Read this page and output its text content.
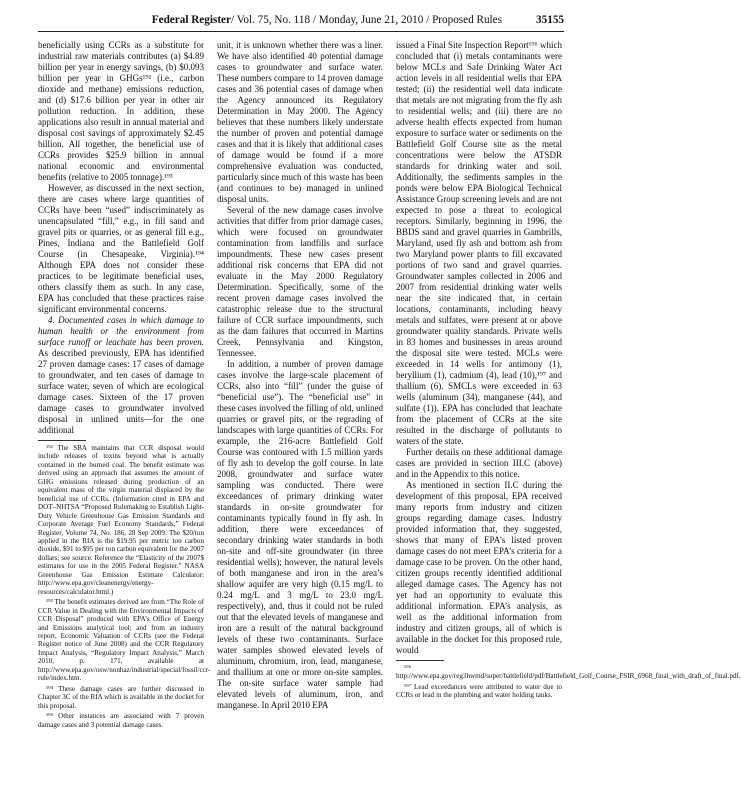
Federal Register/ Vol. 75, No. 118 / Monday, June 21, 2010 / Proposed Rules	35155

beneficially using CCRs as a substitute for industrial raw materials contributes (a) $4.89 billion per year in energy savings, (b) $0.093 billion per year in GHGs¹⁹² (i.e., carbon dioxide and methane) emissions reduction, and (d) $17.6 billion per year in other air pollution reduction. In addition, these applications also result in annual material and disposal cost savings of approximately $2.45 billion. All together, the beneficial use of CCRs provides $25.9 billion in annual national economic and environmental benefits (relative to 2005 tonnage).¹⁹³

However, as discussed in the next section, there are cases where large quantities of CCRs have been “used” indiscriminately as unencapsulated “fill,” e.g., in fill sand and gravel pits or quarries, or as general fill e.g., Pines, Indiana and the Battlefield Golf Course (in Chesapeake, Virginia).¹⁹⁴ Although EPA does not consider these practices to be legitimate beneficial uses, others classify them as such. In any case, EPA has concluded that these practices raise significant environmental concerns.

4. Documented cases in which damage to human health or the environment from surface runoff or leachate has been proven. As described previously, EPA has identified 27 proven damage cases: 17 cases of damage to groundwater, and ten cases of damage to surface water, seven of which are ecological damage cases. Sixteen of the 17 proven damage cases to groundwater involved disposal in unlined units—for the one additional

¹⁹² The SBA maintains that CCR disposal would include releases of toxins beyond what is actually contained in the burned coal. The benefit estimate was derived using an approach that assumes the amount of GHG emissions released during production of an equivalent mass of the virgin material displaced by the beneficial use of CCRs. (Information cited in EPA and DOT–NHTSA “Proposed Rulemaking to Establish Light-Duty Vehicle Greenhouse Gas Emission Standards and Corporate Average Fuel Economy Standards,” Federal Register, Volume 74, No. 186, 28 Sep 2009. The $20/ton applied in the RIA is the $19.95 per metric ton carbon dioxide, $91 to $95 per ton carbon equivalent for the 2007 dollars; see source. Reference the “Elasticity of the 2007$ estimates for use in the 2005 Federal Register.” NASA Greenhouse Gas Emission Estimate Calculator: http://www.epa.gov/cleanenergy/energy-resources/calculator.html.)

¹⁹³ The benefit estimates derived are from “The Role of CCR Value in Dealing with the Environmental Impacts of CCR Disposal” produced with EPA’s Office of Energy and Emissions analytical tool; and from an industry report, Economic Valuation of CCRs (see the Federal Register notice of June 2008) and the CCR Regulatory Impact Analysis, “Regulatory Impact Analysis,” March 2010, p. 171, available at http://www.epa.gov/osw/nonhaz/industrial/special/fossil/ccr-rule/index.htm.

¹⁹⁴ These damage cases are further discussed in Chapter 3C of the RIA which is available in the docket for this proposal.

¹⁹⁵ Other instances are associated with 7 proven damage cases and 3 potential damage cases.

unit, it is unknown whether there was a liner. We have also identified 40 potential damage cases to groundwater and surface water. These numbers compare to 14 proven damage cases and 36 potential cases of damage when the Agency announced its Regulatory Determination in May 2000. The Agency believes that these numbers likely understate the number of proven and potential damage cases and that it is likely that additional cases of damage would be found if a more comprehensive evaluation was conducted, particularly since much of this waste has been (and continues to be) managed in unlined disposal units.

Several of the new damage cases involve activities that differ from prior damage cases, which were focused on groundwater contamination from landfills and surface impoundments. These new cases present additional risk concerns that EPA did not evaluate in the May 2000 Regulatory Determination. Specifically, some of the recent proven damage cases involved the catastrophic release due to the structural failure of CCR surface impoundments, such as the dam failures that occurred in Martins Creek, Pennsylvania and Kingston, Tennessee.

In addition, a number of proven damage cases involve the large-scale placement of CCRs, also into “fill” (under the guise of “beneficial use”). The “beneficial use” in these cases involved the filling of old, unlined quarries or gravel pits, or the regrading of landscapes with large quantities of CCRs. For example, the 216-acre Battlefield Golf Course was contoured with 1.5 million yards of fly ash to develop the golf course. In late 2008, groundwater and surface water sampling was conducted. There were exceedances of primary drinking water standards in on-site groundwater for contaminants typically found in fly ash. In addition, there were exceedances of secondary drinking water standards in both on-site and off-site groundwater (in three residential wells); however, the natural levels of both manganese and iron in the area’s shallow aquifer are very high (0.15 mg/L to 0.24 mg/L and 3 mg/L to 23.0 mg/L respectively), and, thus it could not be ruled out that the elevated levels of manganese and iron are a result of the natural background levels of these two contaminants. Surface water samples showed elevated levels of aluminum, chromium, iron, lead, manganese, and thallium at one or more on-site samples. The on-site surface water sample had elevated levels of aluminum, iron, and manganese. In April 2010 EPA

issued a Final Site Inspection Report¹⁹⁶ which concluded that (i) metals contaminants were below MCLs and Safe Drinking Water Act action levels in all residential wells that EPA tested; (ii) the residential well data indicate that metals are not migrating from the fly ash to residential wells; and (iii) there are no adverse health effects expected from human exposure to surface water or sediments on the Battlefield Golf Course site as the metal concentrations were below the ATSDR standards for drinking water and soil. Additionally, the sediments samples in the ponds were below EPA Biological Technical Assistance Group screening levels and are not expected to pose a threat to ecological receptors. Similarly, beginning in 1996, the BBDS sand and gravel quarries in Gambrills, Maryland, used fly ash and bottom ash from two Maryland power plants to fill excavated portions of two sand and gravel quarries. Groundwater samples collected in 2006 and 2007 from residential drinking water wells near the site indicated that, in certain locations, contaminants, including heavy metals and sulfates, were present at or above groundwater quality standards. Private wells in 83 homes and businesses in areas around the disposal site were tested. MCLs were exceeded in 14 wells for antimony (1), beryllium (1), cadmium (4), lead (10),¹⁹⁷ and thallium (6). SMCLs were exceeded in 63 wells (aluminum (34), manganese (44), and sulfate (1)). EPA has concluded that leachate from the placement of CCRs at the site resulted in the discharge of pollutants to waters of the state.

Further details on these additional damage cases are provided in section III.C (above) and in the Appendix to this notice.

As mentioned in section II.C during the development of this proposal, EPA received many reports from industry and citizen groups regarding damage cases. Industry provided information that, they suggested, shows that many of EPA’s listed proven damage cases do not meet EPA’s criteria for a damage case to be proven. On the other hand, citizen groups recently identified additional alleged damage cases. The Agency has not yet had an opportunity to evaluate this additional information. EPA’s analysis, as well as the additional information from industry and citizen groups, all of which is available in the docket for this proposed rule, would

¹⁹⁶ http://www.epa.gov/reg3hwmd/super/battlefield/pdf/Battlefield_Golf_Course_FSIR_6968_final_with_draft_of_final.pdf.

¹⁹⁷ Lead exceedances were attributed to water due to CCRs or lead in the plumbing and water holding tanks.
